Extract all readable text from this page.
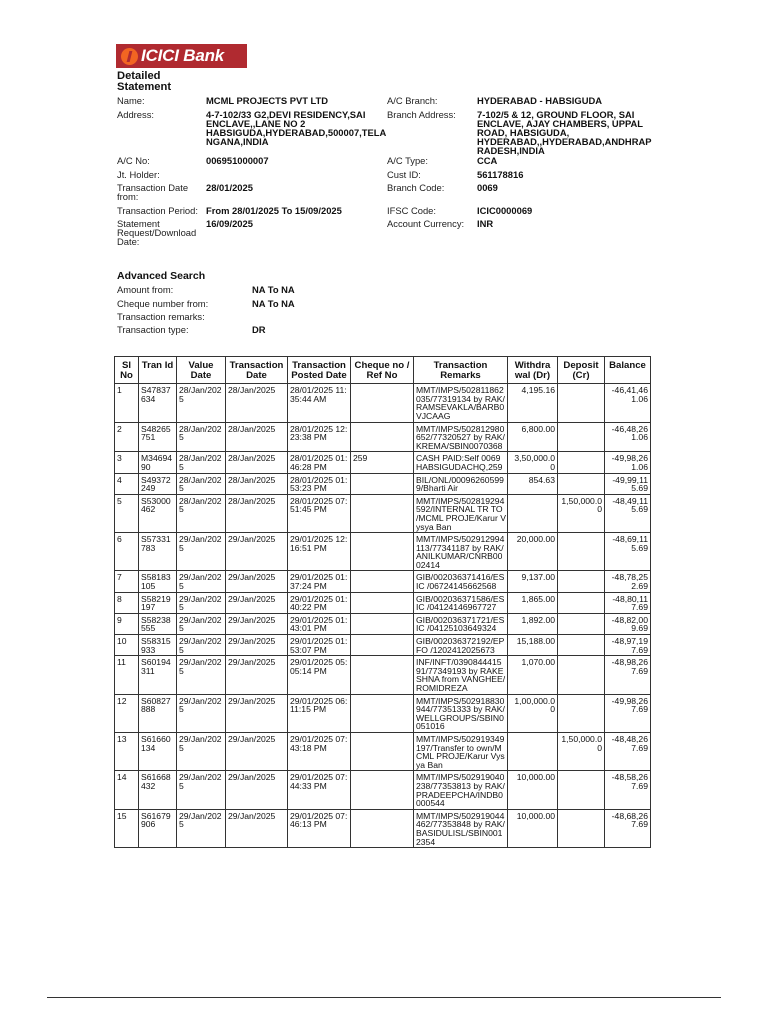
ICICI Bank
Detailed
Statement
Name:	MCML PROJECTS PVT LTD
Address:	4-7-102/33 G2,DEVI RESIDENCY,SAI ENCLAVE,,LANE NO 2 HABSIGUDA,HYDERABAD,500007,TELA NGANA,INDIA
A/C No:	006951000007
Jt. Holder:
Transaction Date from:
28/01/2025
Transaction Period: From 28/01/2025 To 15/09/2025
Statement Request/Download Date:
16/09/2025
A/C Branch:	HYDERABAD - HABSIGUDA
Branch Address: 7-102/5 & 12, GROUND FLOOR, SAI ENCLAVE, AJAY CHAMBERS, UPPAL ROAD, HABSIGUDA, HYDERABAD,,HYDERABAD,ANDHRAP RADESH,INDIA
A/C Type:	CCA
Cust ID:	561178816
Branch Code:	0069
IFSC Code:	ICIC0000069
Account Currency: INR
Advanced Search
Amount from:	NA To NA
Cheque number from:	NA To NA
Transaction remarks:
Transaction type:	DR
Sl No	Tran Id	Value Date	Transaction Date	Transaction Posted Date	Cheque no / Ref No	Transaction Remarks	Withdra wal (Dr)	Deposit (Cr)	Balance
1	S47837634	28/Jan/2025	28/Jan/2025	28/01/2025 11:35:44 AM		MMT/IMPS/502811862035/77319134 by RAK/RAMSEVAKLA/BARB0VJCAAG	4,195.16		-46,41,461.06
2	S48265751	28/Jan/2025	28/Jan/2025	28/01/2025 12:23:38 PM		MMT/IMPS/502812980652/77320527 by RAK/KREMA/SBIN0070368	6,800.00		-46,48,261.06
3	M3469490	28/Jan/2025	28/Jan/2025	28/01/2025 01:46:28 PM	259	CASH PAID:Self 0069 HABSIGUDACHQ,259	3,50,000.00		-49,98,261.06
4	S49372249	28/Jan/2025	28/Jan/2025	28/01/2025 01:53:23 PM		BIL/ONL/000962605999/Bharti Air	854.63		-49,99,115.69
5	S53000462	28/Jan/2025	28/Jan/2025	28/01/2025 07:51:45 PM		MMT/IMPS/502819294592/INTERNAL TR TO /MCML PROJE/Karur Vysya Ban		1,50,000.00	-48,49,115.69
6	S57331783	29/Jan/2025	29/Jan/2025	29/01/2025 12:16:51 PM		MMT/IMPS/502912994113/77341187 by RAK/ANILKUMAR/CNRB0002414	20,000.00		-48,69,115.69
7	S58183105	29/Jan/2025	29/Jan/2025	29/01/2025 01:37:24 PM		GIB/002036371416/ESIC /06724145662568	9,137.00		-48,78,252.69
8	S58219197	29/Jan/2025	29/Jan/2025	29/01/2025 01:40:22 PM		GIB/002036371586/ESIC /04124146967727	1,865.00		-48,80,117.69
9	S58238555	29/Jan/2025	29/Jan/2025	29/01/2025 01:43:01 PM		GIB/002036371721/ESIC /04125103649324	1,892.00		-48,82,009.69
10	S58315933	29/Jan/2025	29/Jan/2025	29/01/2025 01:53:07 PM		GIB/002036372192/EPFO /1202412025673	15,188.00		-48,97,197.69
11	S60194311	29/Jan/2025	29/Jan/2025	29/01/2025 05:05:14 PM		INF/INFT/039084441591/77349193 by RAKESHNA from VANGHEE/ROMIDREZA	1,070.00		-48,98,267.69
12	S60827888	29/Jan/2025	29/Jan/2025	29/01/2025 06:11:15 PM		MMT/IMPS/502918830944/77351333 by RAK/WELLGROUPS/SBIN0051016	1,00,000.00		-49,98,267.69
13	S61660134	29/Jan/2025	29/Jan/2025	29/01/2025 07:43:18 PM		MMT/IMPS/502919349197/Transfer to own/MCML PROJE/Karur Vysya Ban		1,50,000.00	-48,48,267.69
14	S61668432	29/Jan/2025	29/Jan/2025	29/01/2025 07:44:33 PM		MMT/IMPS/502919040238/77353813 by RAK/PRADEEPCHA/INDB0000544	10,000.00		-48,58,267.69
15	S61679906	29/Jan/2025	29/Jan/2025	29/01/2025 07:46:13 PM		MMT/IMPS/502919044462/77353848 by RAK/BASIDULISL/SBIN0012354	10,000.00		-48,68,267.69
